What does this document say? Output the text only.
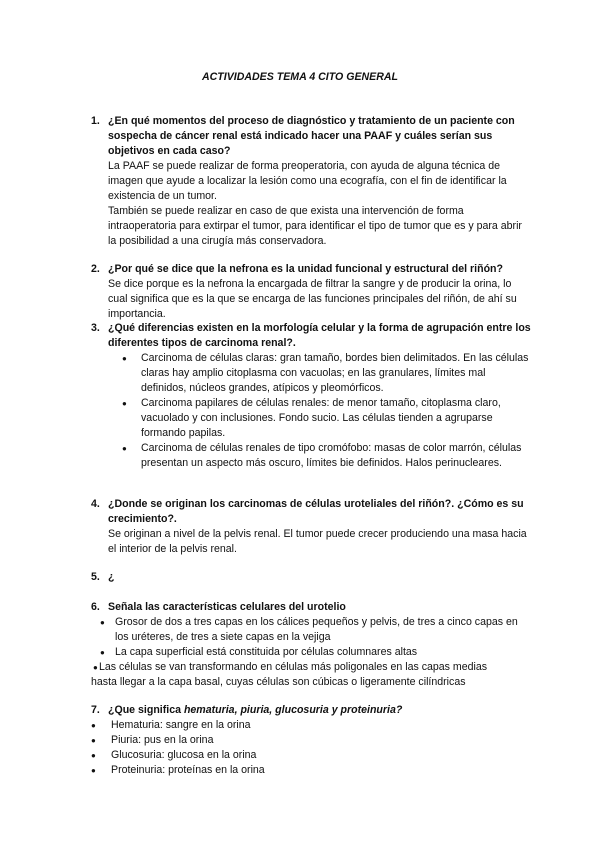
ACTIVIDADES TEMA 4 CITO GENERAL
1. ¿En qué momentos del proceso de diagnóstico y tratamiento de un paciente con sospecha de cáncer renal está indicado hacer una PAAF y cuáles serían sus objetivos en cada caso?

La PAAF se puede realizar de forma preoperatoria, con ayuda de alguna técnica de imagen que ayude a localizar la lesión como una ecografía, con el fin de identificar la existencia de un tumor.

También se puede realizar en caso de que exista una intervención de forma intraoperatoria para extirpar el tumor, para identificar el tipo de tumor que es y para abrir la posibilidad a una cirugía más conservadora.

2. ¿Por qué se dice que la nefrona es la unidad funcional y estructural del riñón?

Se dice porque es la nefrona la encargada de filtrar la sangre y de producir la orina, lo cual significa que es la que se encarga de las funciones principales del riñón, de ahí su importancia.

3. ¿Qué diferencias existen en la morfología celular y la forma de agrupación entre los diferentes tipos de carcinoma renal?.
● Carcinoma de células claras: gran tamaño, bordes bien delimitados. En las células claras hay amplio citoplasma con vacuolas; en las granulares, límites mal definidos, núcleos grandes, atípicos y pleomórficos.
● Carcinoma papilares de células renales: de menor tamaño, citoplasma claro, vacuolado y con inclusiones. Fondo sucio. Las células tienden a agruparse formando papilas.
● Carcinoma de células renales de tipo cromófobo: masas de color marrón, células presentan un aspecto más oscuro, límites bie definidos. Halos perinucleares.
4. ¿Donde se originan los carcinomas de células uroteliales del riñón?. ¿Cómo es su crecimiento?.

Se originan a nivel de la pelvis renal. El tumor puede crecer produciendo una masa hacia el interior de la pelvis renal.

5. ¿
6. Señala las características celulares del urotelio
● Grosor de dos a tres capas en los cálices pequeños y pelvis, de tres a cinco capas en los uréteres, de tres a siete capas en la vejiga
● La capa superficial está constituida por células columnares altas
● Las células se van transformando en células más poligonales en las capas medias
hasta llegar a la capa basal, cuyas células son cúbicas o ligeramente cilíndricas
7. ¿Que significa hematuria, piuria, glucosuria y proteinuria?
● Hematuria: sangre en la orina
● Piuria: pus en la orina
● Glucosuria: glucosa en la orina
● Proteinuria: proteínas en la orina
